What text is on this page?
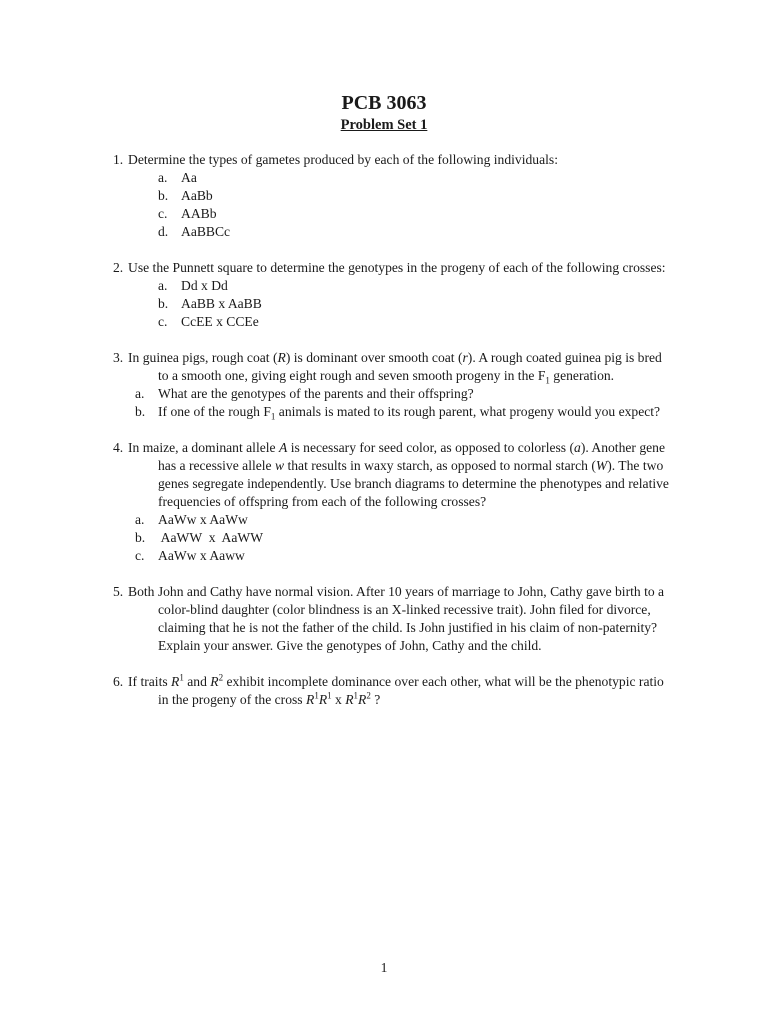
PCB 3063
Problem Set 1
1. Determine the types of gametes produced by each of the following individuals:
a. Aa
b. AaBb
c. AABb
d. AaBBCc
2. Use the Punnett square to determine the genotypes in the progeny of each of the following crosses:
a. Dd x Dd
b. AaBB x AaBB
c. CcEE x CCEe
3. In guinea pigs, rough coat (R) is dominant over smooth coat (r). A rough coated guinea pig is bred to a smooth one, giving eight rough and seven smooth progeny in the $F_1$ generation.
a. What are the genotypes of the parents and their offspring?
b. If one of the rough $F_1$ animals is mated to its rough parent, what progeny would you expect?
4. In maize, a dominant allele A is necessary for seed color, as opposed to colorless (a). Another gene has a recessive allele w that results in waxy starch, as opposed to normal starch (W). The two genes segregate independently. Use branch diagrams to determine the phenotypes and relative frequencies of offspring from each of the following crosses?
a. AaWw x AaWw
b. AaWW  x  AaWW
c. AaWw x Aaww
5. Both John and Cathy have normal vision. After 10 years of marriage to John, Cathy gave birth to a color-blind daughter (color blindness is an X-linked recessive trait). John filed for divorce, claiming that he is not the father of the child. Is John justified in his claim of non-paternity? Explain your answer. Give the genotypes of John, Cathy and the child.
6. If traits $R^1$ and $R^2$ exhibit incomplete dominance over each other, what will be the phenotypic ratio in the progeny of the cross $R^1R^1$ x $R^1R^2$ ?
1
